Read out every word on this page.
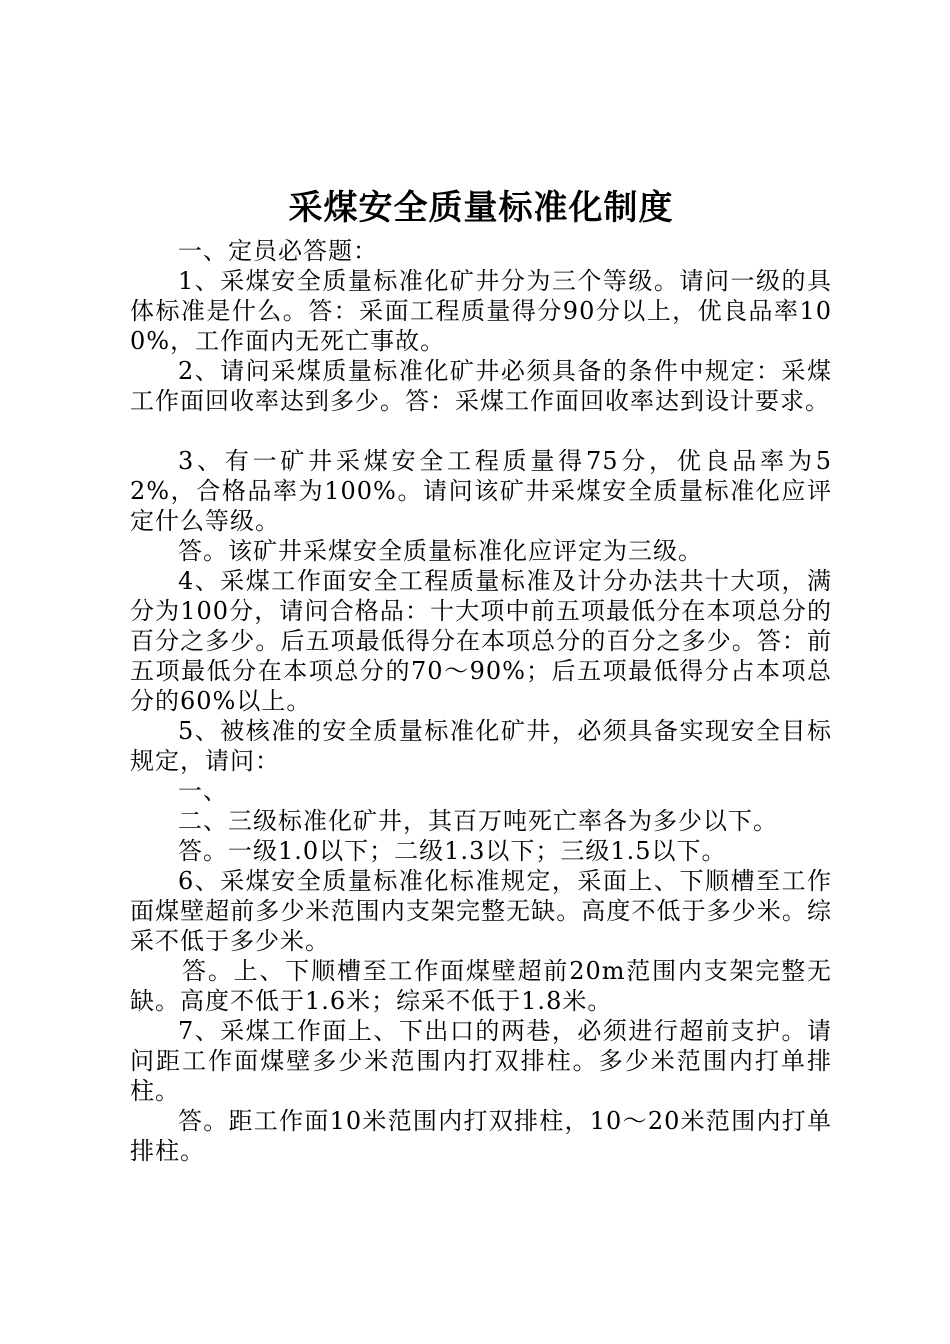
采煤安全质量标准化制度

一、定员必答题：

1、采煤安全质量标准化矿井分为三个等级。请问一级的具体标准是什么。答：采面工程质量得分90分以上，优良品率100%，工作面内无死亡事故。

2、请问采煤质量标准化矿井必须具备的条件中规定：采煤工作面回收率达到多少。答：采煤工作面回收率达到设计要求。

3、有一矿井采煤安全工程质量得75分，优良品率为52%，合格品率为100%。请问该矿井采煤安全质量标准化应评定什么等级。

答。该矿井采煤安全质量标准化应评定为三级。

4、采煤工作面安全工程质量标准及计分办法共十大项，满分为100分，请问合格品：十大项中前五项最低分在本项总分的百分之多少。后五项最低得分在本项总分的百分之多少。答：前五项最低分在本项总分的70～90%；后五项最低得分占本项总分的60%以上。

5、被核准的安全质量标准化矿井，必须具备实现安全目标规定，请问：

一、

二、三级标准化矿井，其百万吨死亡率各为多少以下。

答。一级1.0以下；二级1.3以下；三级1.5以下。

6、采煤安全质量标准化标准规定，采面上、下顺槽至工作面煤壁超前多少米范围内支架完整无缺。高度不低于多少米。综采不低于多少米。

答。上、下顺槽至工作面煤壁超前20m范围内支架完整无缺。高度不低于1.6米；综采不低于1.8米。

7、采煤工作面上、下出口的两巷，必须进行超前支护。请问距工作面煤壁多少米范围内打双排柱。多少米范围内打单排柱。

答。距工作面10米范围内打双排柱，10～20米范围内打单排柱。
